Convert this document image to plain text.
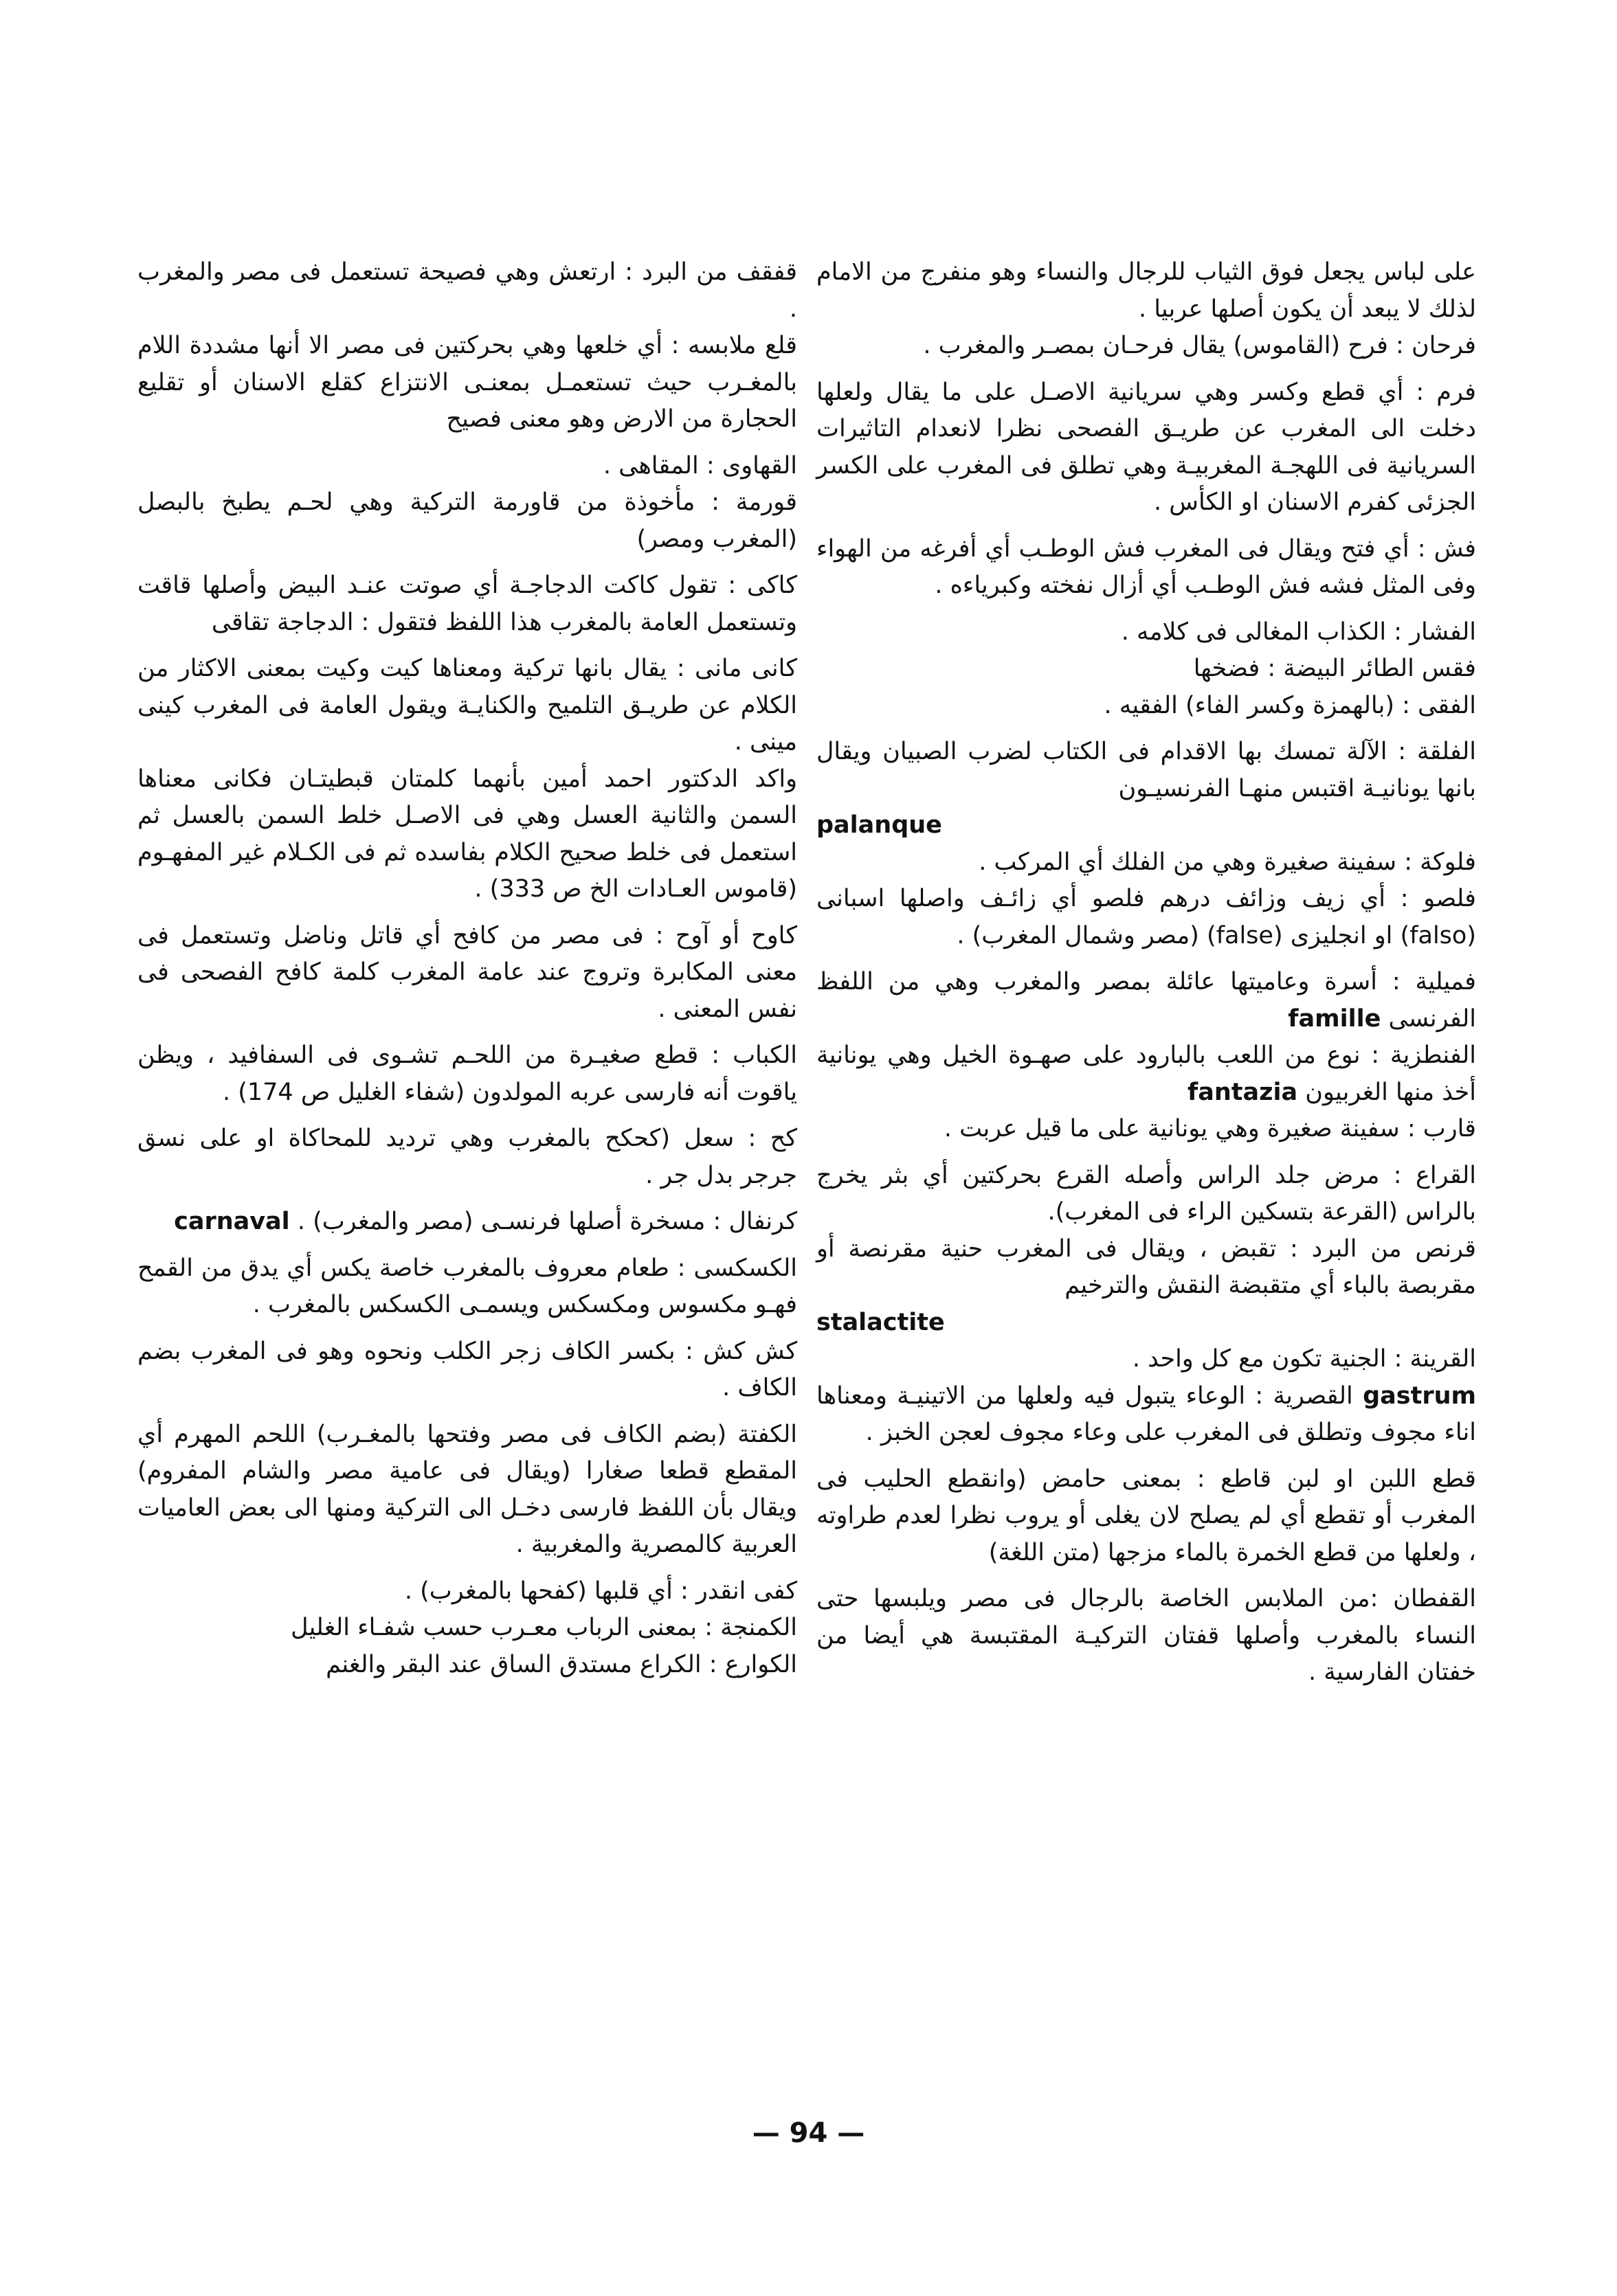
على لباس يجعل فوق الثياب للرجال والنساء وهو منفرج من الامام لذلك لا يبعد أن يكون أصلها عربيا .

فرحان : فرح (القاموس) يقال فرحـان بمصـر والمغرب .

فرم : أي قطع وكسر وهي سريانية الاصـل على ما يقال ولعلها دخلت الى المغرب عن طريـق الفصحى نظرا لانعدام التاثيرات السريانية فى اللهجـة المغربيـة وهي تطلق فى المغرب على الكسر الجزئى كفرم الاسنان او الكأس .

فش : أي فتح ويقال فى المغرب فش الوطـب أي أفرغه من الهواء وفى المثل فشه فش الوطـب أي أزال نفخته وكبرياءه .

الفشار : الكذاب المغالى فى كلامه .

فقس الطائر البيضة : فضخها

الفقى : (بالهمزة وكسر الفاء) الفقيه .

الفلقة : الآلة تمسك بها الاقدام فى الكتاب لضرب الصبيان ويقال بانها يونانيـة اقتبس منهـا الفرنسيـون
palanque

فلوكة : سفينة صغيرة وهي من الفلك أي المركب .

فلصو : أي زيف وزائف درهم فلصو أي زائـف واصلها اسبانى (falso) او انجليزى (false) (مصر وشمال المغرب) .

فميلية : أسرة وعاميتها عائلة بمصر والمغرب وهي من اللفظ الفرنسى famille

الفنطزية : نوع من اللعب بالبارود على صهـوة الخيل وهي يونانية أخذ منها الغربيون fantazia

قارب : سفينة صغيرة وهي يونانية على ما قيل عربت .

القراع : مرض جلد الراس وأصله القرع بحركتين أي بثر يخرج بالراس (القرعة بتسكين الراء فى المغرب).

قرنص من البرد : تقبض ، ويقال فى المغرب حنية مقرنصة أو مقربصة بالباء أي متقبضة النقش والترخيم
stalactite

القرينة : الجنية تكون مع كل واحد .

gastrum القصرية : الوعاء يتبول فيه ولعلها من الاتينيـة ومعناها اناء مجوف وتطلق فى المغرب على وعاء مجوف لعجن الخبز .

قطع اللبن او لبن قاطع : بمعنى حامض (وانقطع الحليب فى المغرب أو تقطع أي لم يصلح لان يغلى أو يروب نظرا لعدم طراوته ، ولعلها من قطع الخمرة بالماء مزجها (متن اللغة)

القفطان :من الملابس الخاصة بالرجال فى مصر ويلبسها حتى النساء بالمغرب وأصلها قفتان التركيـة المقتبسة هي أيضا من خفتان الفارسية .

قفقف من البرد : ارتعش وهي فصيحة تستعمل فى مصر والمغرب .

قلع ملابسه : أي خلعها وهي بحركتين فى مصر الا أنها مشددة اللام بالمغـرب حيث تستعمـل بمعنـى الانتزاع كقلع الاسنان أو تقليع الحجارة من الارض وهو معنى فصيح

القهاوى : المقاهى .

قورمة : مأخوذة من قاورمة التركية وهي لحـم يطبخ بالبصل (المغرب ومصر)

كاكى : تقول كاكت الدجاجـة أي صوتت عنـد البيض وأصلها قاقت وتستعمل العامة بالمغرب هذا اللفظ فتقول : الدجاجة تقاقى

كانى مانى : يقال بانها تركية ومعناها كيت وكيت بمعنى الاكثار من الكلام عن طريـق التلميح والكنايـة ويقول العامة فى المغرب كينى مينى .

واكد الدكتور احمد أمين بأنهما كلمتان قبطيتـان فكانى معناها السمن والثانية العسل وهي فى الاصـل خلط السمن بالعسل ثم استعمل فى خلط صحيح الكلام بفاسده ثم فى الكـلام غير المفهـوم (قاموس العـادات الخ ص 333) .

كاوح أو آوح : فى مصر من كافح أي قاتل وناضل وتستعمل فى معنى المكابرة وتروج عند عامة المغرب كلمة كافح الفصحى فى نفس المعنى .

الكباب : قطع صغيـرة من اللحـم تشـوى فى السفافيد ، ويظن ياقوت أنه فارسى عربه المولدون (شفاء الغليل ص 174) .

كح : سعل (كحكح بالمغرب وهي ترديد للمحاكاة او على نسق جرجر بدل جر .

كرنفال : مسخرة أصلها فرنسـى (مصر والمغرب) . carnaval

الكسكسى : طعام معروف بالمغرب خاصة يكس أي يدق من القمح فهـو مكسوس ومكسكس ويسمـى الكسكس بالمغرب .

كش كش : بكسر الكاف زجر الكلب ونحوه وهو فى المغرب بضم الكاف .

الكفتة (بضم الكاف فى مصر وفتحها بالمغـرب) اللحم المهرم أي المقطع قطعا صغارا (ويقال فى عامية مصر والشام المفروم) ويقال بأن اللفظ فارسى دخـل الى التركية ومنها الى بعض العاميات العربية كالمصرية والمغربية .

كفى انقدر : أي قلبها (كفحها بالمغرب) .

الكمنجة : بمعنى الرباب معـرب حسب شفـاء الغليل

الكوارع : الكراع مستدق الساق عند البقر والغنم

— 94 —
